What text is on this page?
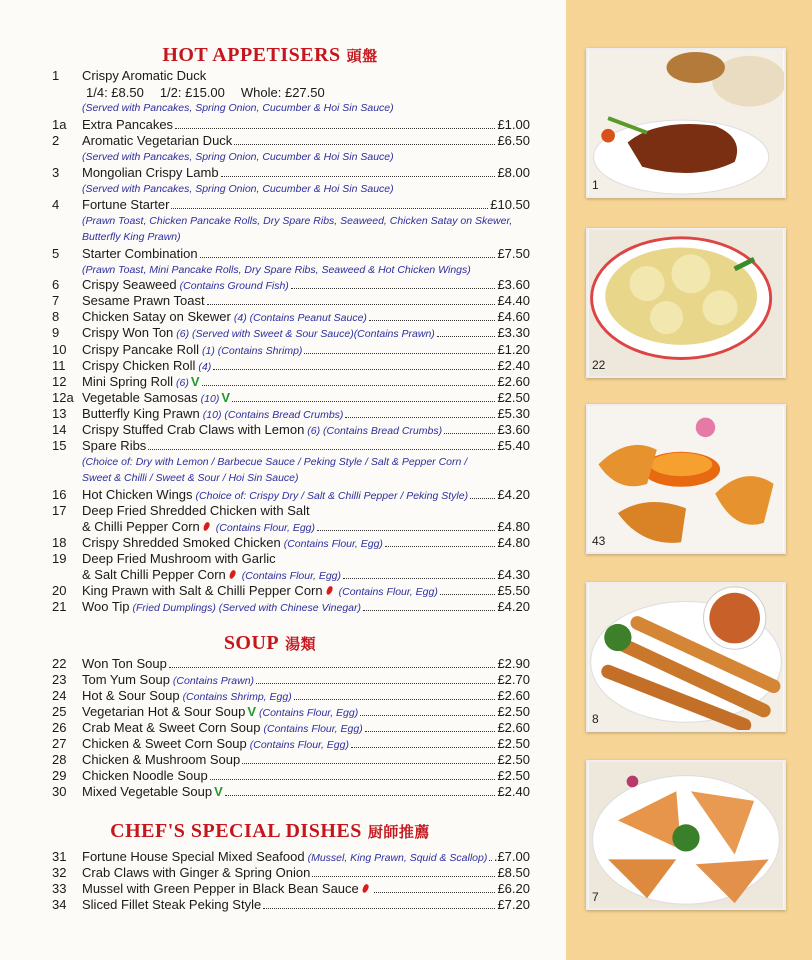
HOT APPETISERS 頭盤
1	Crispy Aromatic Duck
1/4: £8.50 1/2: £15.00 Whole: £27.50
(Served with Pancakes, Spring Onion, Cucumber & Hoi Sin Sauce)
1a	Extra Pancakes	£1.00
2	Aromatic Vegetarian Duck	£6.50
(Served with Pancakes, Spring Onion, Cucumber & Hoi Sin Sauce)
3	Mongolian Crispy Lamb	£8.00
(Served with Pancakes, Spring Onion, Cucumber & Hoi Sin Sauce)
4	Fortune Starter	£10.50
(Prawn Toast, Chicken Pancake Rolls, Dry Spare Ribs, Seaweed, Chicken Satay on Skewer,
Butterfly King Prawn)
5	Starter Combination	£7.50
(Prawn Toast, Mini Pancake Rolls, Dry Spare Ribs, Seaweed & Hot Chicken Wings)
6	Crispy Seaweed (Contains Ground Fish)	£3.60
7	Sesame Prawn Toast	£4.40
8	Chicken Satay on Skewer (4) (Contains Peanut Sauce)	£4.60
9	Crispy Won Ton (6) (Served with Sweet & Sour Sauce)(Contains Prawn)	£3.30
10	Crispy Pancake Roll (1) (Contains Shrimp)	£1.20
11	Crispy Chicken Roll (4)	£2.40
12	Mini Spring Roll (6) V	£2.60
12a Vegetable Samosas (10) V	£2.50
13	Butterfly King Prawn (10) (Contains Bread Crumbs)	£5.30
14	Crispy Stuffed Crab Claws with Lemon (6) (Contains Bread Crumbs)	£3.60
15	Spare Ribs	£5.40
(Choice of: Dry with Lemon / Barbecue Sauce / Peking Style / Salt & Pepper Corn /
Sweet & Chilli / Sweet & Sour / Hoi Sin Sauce)
16	Hot Chicken Wings (Choice of: Crispy Dry / Salt & Chilli Pepper / Peking Style) £4.20
17	Deep Fried Shredded Chicken with Salt
& Chilli Pepper Corn (Contains Flour, Egg)	£4.80
18	Crispy Shredded Smoked Chicken (Contains Flour, Egg)	£4.80
19	Deep Fried Mushroom with Garlic
& Salt Chilli Pepper Corn (Contains Flour, Egg)	£4.30
20	King Prawn with Salt & Chilli Pepper Corn (Contains Flour, Egg)	£5.50
21	Woo Tip (Fried Dumplings) (Served with Chinese Vinegar)	£4.20
SOUP 湯類
22	Won Ton Soup	£2.90
23	Tom Yum Soup (Contains Prawn)	£2.70
24	Hot & Sour Soup (Contains Shrimp, Egg)	£2.60
25	Vegetarian Hot & Sour Soup V (Contains Flour, Egg)	£2.50
26	Crab Meat & Sweet Corn Soup (Contains Flour, Egg)	£2.60
27	Chicken & Sweet Corn Soup (Contains Flour, Egg)	£2.50
28	Chicken & Mushroom Soup	£2.50
29	Chicken Noodle Soup	£2.50
30	Mixed Vegetable Soup V	£2.40
CHEF'S SPECIAL DISHES 厨師推薦
31	Fortune House Special Mixed Seafood (Mussel, King Prawn, Squid & Scallop) .£7.00
32	Crab Claws with Ginger & Spring Onion	£8.50
33	Mussel with Green Pepper in Black Bean Sauce	£6.20
34	Sliced Fillet Steak Peking Style	£7.20
1
22
43
8
7
